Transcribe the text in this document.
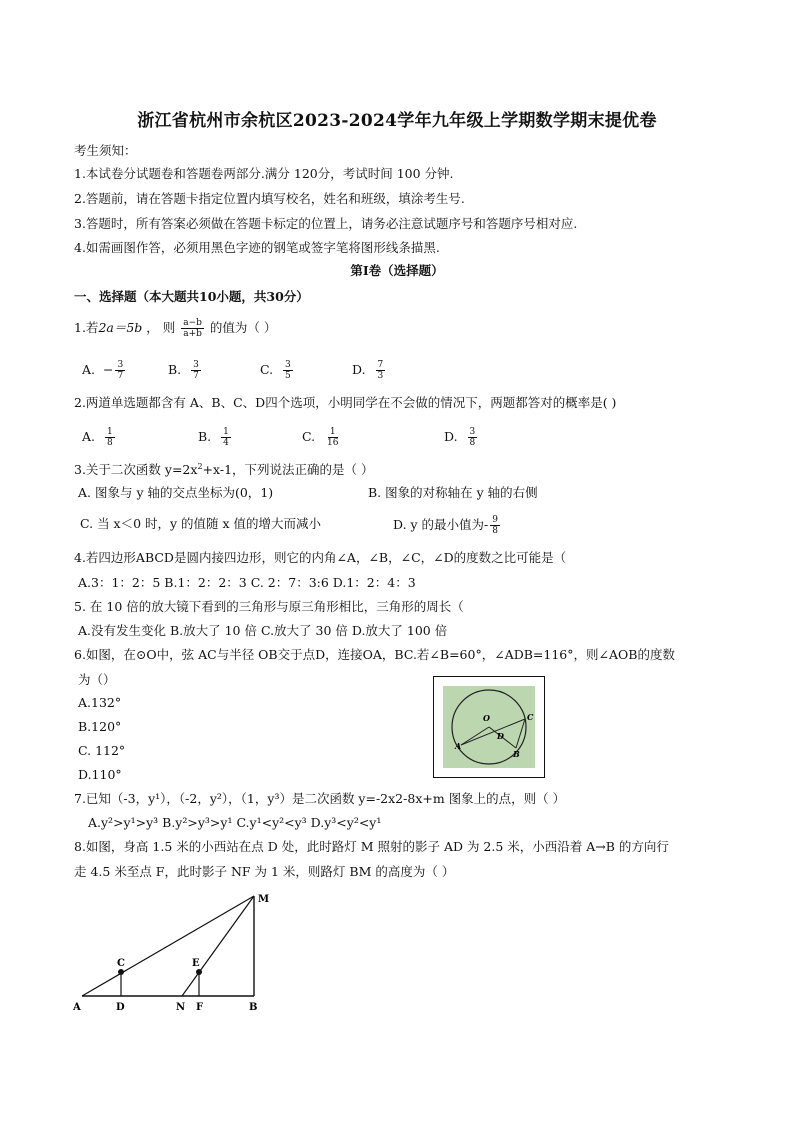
浙江省杭州市余杭区2023-2024学年九年级上学期数学期末提优卷
考生须知：
1.本试卷分试题卷和答题卷两部分.满分 120分，考试时间 100 分钟.
2.答题前，请在答题卡指定位置内填写校名，姓名和班级，填涂考生号.
3.答题时，所有答案必须做在答题卡标定的位置上，请务必注意试题序号和答题序号相对应.
4.如需画图作答，必须用黑色字迹的钢笔或签字笔将图形线条描黑.
第Ⅰ卷（选择题）
一、选择题（本大题共10小题，共30分）
1.若2a＝5b ， 则 $\frac{a-b}{a+b}$ 的值为（ ）
A. − $\frac{3}{7}$	B. $\frac{3}{7}$	C. $\frac{3}{5}$	D. $\frac{7}{3}$
2.两道单选题都含有 A、B、C、D四个选项，小明同学在不会做的情况下，两题都答对的概率是( )
A. $\frac{1}{8}$	B. $\frac{1}{4}$	C. $\frac{1}{16}$	D. $\frac{3}{8}$
3.关于二次函数 $y=2x^2+x-1$，下列说法正确的是（ ）
A. 图象与 y 轴的交点坐标为(0，1)	B. 图象的对称轴在 y 轴的右侧
C. 当 x＜0 时，y 的值随 x 值的增大而减小	D. y 的最小值为- $\frac{9}{8}$
4.若四边形ABCD是圆内接四边形，则它的内角∠A，∠B，∠C，∠D的度数之比可能是（
A.3：1：2：5 B.1：2：2：3 C. 2：7：3:6 D.1：2：4：3
5. 在 10 倍的放大镜下看到的三角形与原三角形相比，三角形的周长（
A.没有发生变化 B.放大了 10 倍 C.放大了 30 倍 D.放大了 100 倍
6.如图，在⊙O中，弦 AC与半径 OB交于点D，连接OA，BC.若∠B=60°，∠ADB=116°，则∠AOB的度数
为（）
A.132°
B.120°
C. 112°
D.110°
O
A
B
C
D
7.已知（-3，y¹），（-2，y²），（1，y³）是二次函数 y=-2x2-8x+m 图象上的点，则（ ）
A.y²>y¹>y³ B.y²>y³>y¹ C.y¹<y²<y³ D.y³<y²<y¹
8.如图，身高 1.5 米的小西站在点 D 处，此时路灯 M 照射的影子 AD 为 2.5 米，小西沿着 A→B 的方向行
走 4.5 米至点 F，此时影子 NF 为 1 米，则路灯 BM 的高度为（ ）
M
C	E
A	D	N F	B
